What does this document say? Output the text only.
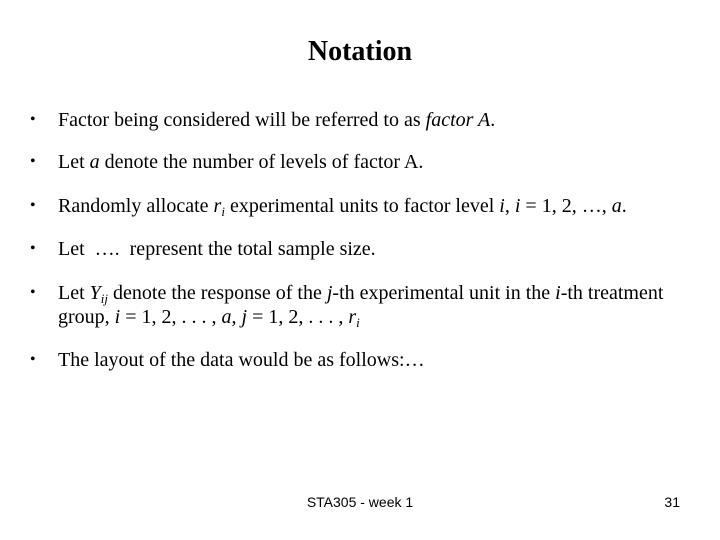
Notation
•	Factor being considered will be referred to as factor A.
•	Let a denote the number of levels of factor A.
•	Randomly allocate $r_i$ experimental units to factor level i, i = 1, 2, …, a.
•	Let  ….  represent the total sample size.
•	Let $Y_{ij}$ denote the response of the j-th experimental unit in the i-th treatment group, i = 1, 2, . . . , a, j = 1, 2, . . . , $r_i$
•	The layout of the data would be as follows:…
STA305 - week 1	31
